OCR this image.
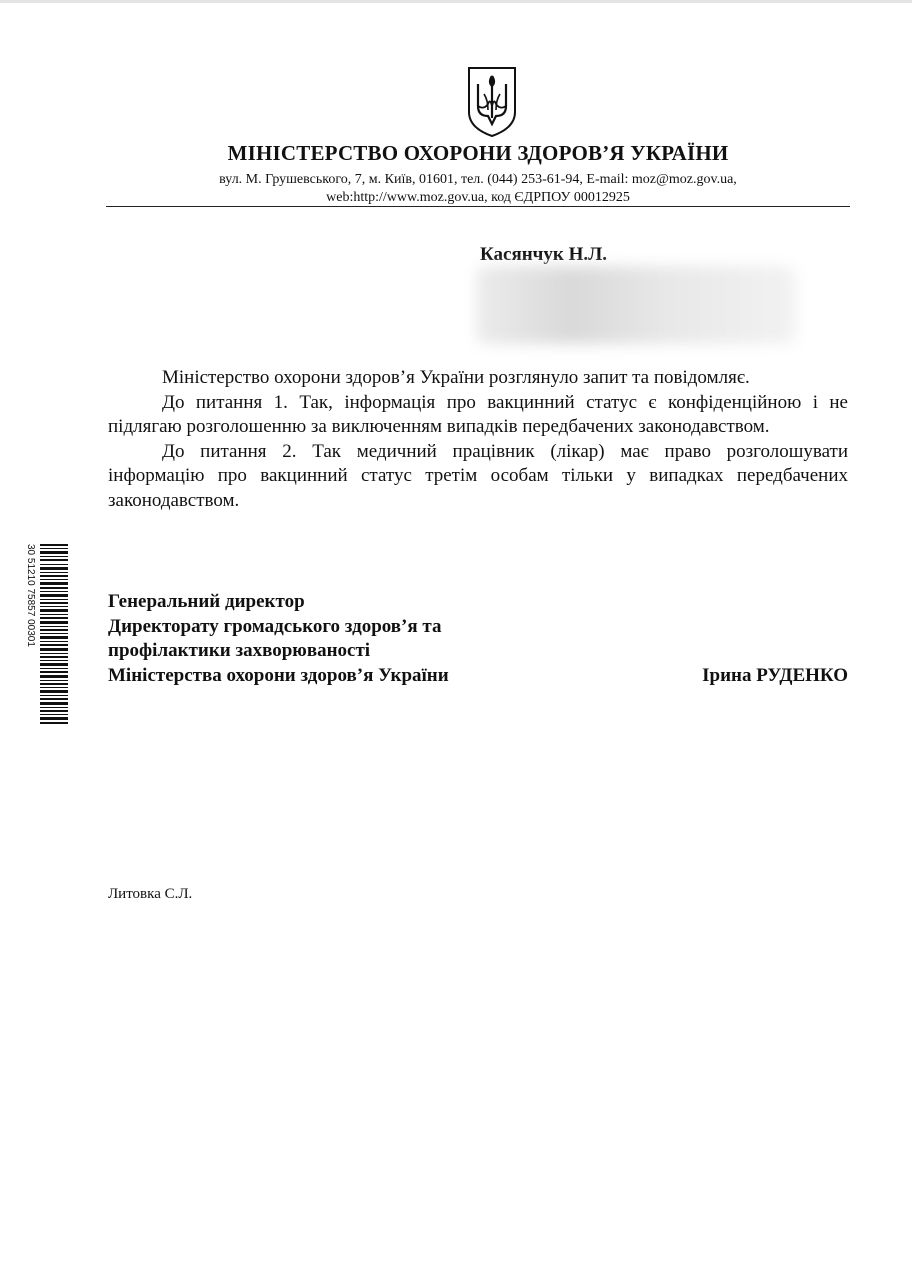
МІНІСТЕРСТВО ОХОРОНИ ЗДОРОВ’Я УКРАЇНИ
вул. М. Грушевського, 7, м. Київ, 01601, тел. (044) 253-61-94, E-mail: moz@moz.gov.ua,
web:http://www.moz.gov.ua, код ЄДРПОУ 00012925
Касянчук Н.Л.

Міністерство охорони здоров’я України розглянуло запит та повідомляє.

До питання 1. Так, інформація про вакцинний статус є конфіденційною і не підлягаю розголошенню за виключенням випадків передбачених законодавством.

До питання 2. Так медичний працівник (лікар) має право розголошувати інформацію про вакцинний статус третім особам тільки у випадках передбачених законодавством.

30 51210 75857 00301	Генеральний директор
Директорату громадського здоров’я та
профілактики захворюваності
Міністерства охорони здоров’я України	Ірина РУДЕНКО
Литовка С.Л.
